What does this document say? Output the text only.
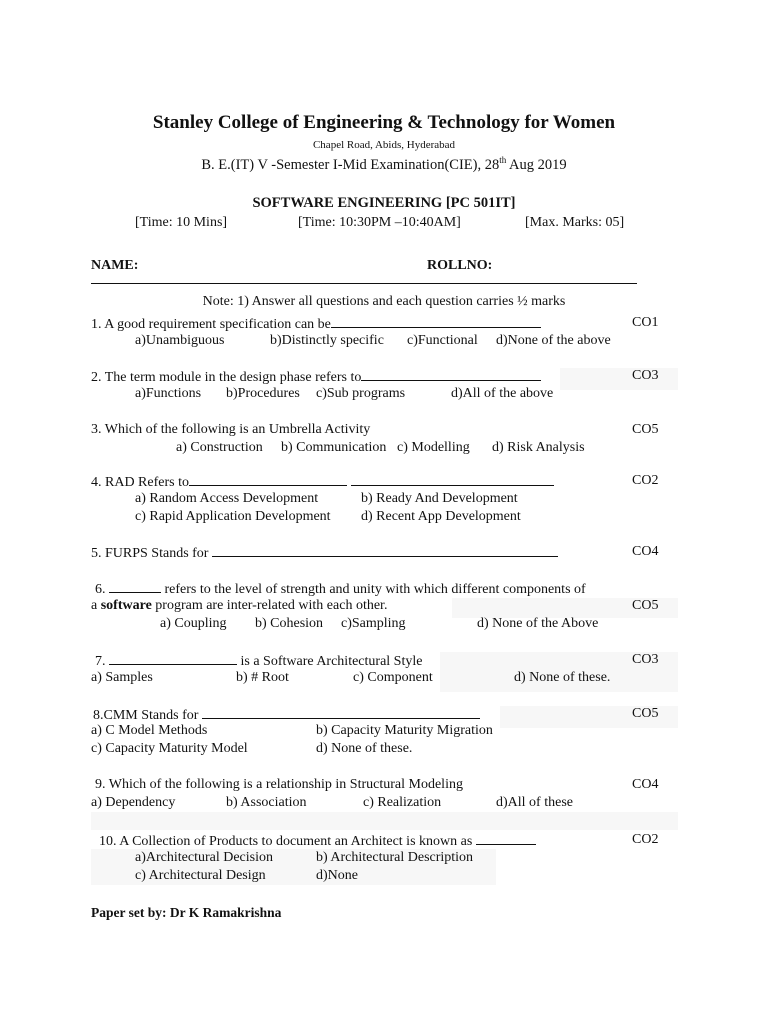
Stanley College of Engineering & Technology for Women
Chapel Road, Abids, Hyderabad
B. E.(IT) V -Semester I-Mid Examination(CIE), 28th Aug 2019
SOFTWARE ENGINEERING [PC 501IT]
[Time: 10 Mins]	[Time: 10:30PM –10:40AM]	[Max. Marks: 05]
NAME:	ROLLNO:
Note: 1) Answer all questions and each question carries ½ marks
1. A good requirement specification can be	CO1
a)Unambiguous	b)Distinctly specific c)Functional d)None of the above
2. The term module in the design phase refers to	CO3
a)Functions b)Procedures c)Sub programs	d)All of the above
3. Which of the following is an Umbrella Activity	CO5
a) Construction b) Communication c) Modelling d) Risk Analysis
4. RAD Refers to	CO2
a) Random Access Development	b) Ready And Development
c) Rapid Application Development d) Recent App Development
5. FURPS Stands for	CO4
6.	refers to the level of strength and unity with which different components of
a software program are inter-related with each other.	CO5
a) Coupling b) Cohesion c)Sampling	d) None of the Above
7.	is a Software Architectural Style	CO3
a) Samples	b) # Root	c) Component	d) None of these.
8.CMM Stands for	CO5
a) C Model Methods	b) Capacity Maturity Migration
c) Capacity Maturity Model	d) None of these.
9. Which of the following is a relationship in Structural Modeling	CO4
a) Dependency	b) Association	c) Realization	d)All of these
10. A Collection of Products to document an Architect is known as	CO2
a)Architectural Decision	b) Architectural Description
c) Architectural Design	d)None
Paper set by: Dr K Ramakrishna
